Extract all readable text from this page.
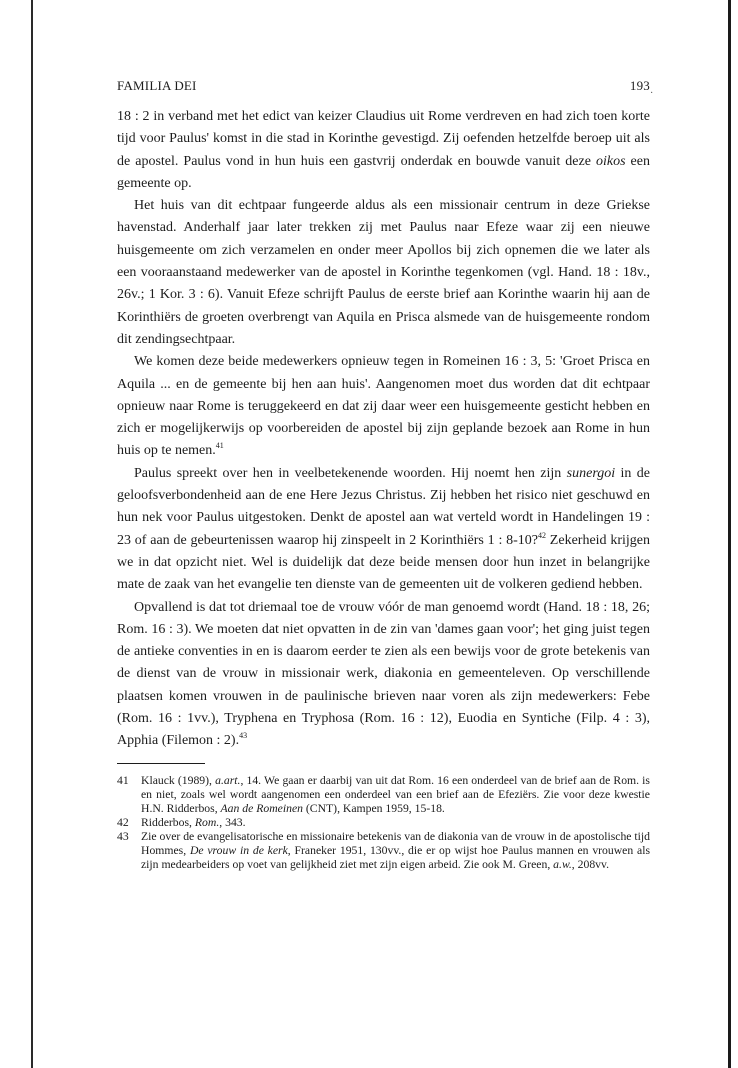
·
FAMILIA DEI	193

18 : 2 in verband met het edict van keizer Claudius uit Rome verdreven en had zich toen korte tijd voor Paulus' komst in die stad in Korinthe gevestigd. Zij oefenden hetzelfde beroep uit als de apostel. Paulus vond in hun huis een gastvrij onderdak en bouwde vanuit deze oikos een gemeente op.

Het huis van dit echtpaar fungeerde aldus als een missionair centrum in deze Griekse havenstad. Anderhalf jaar later trekken zij met Paulus naar Efeze waar zij een nieuwe huisgemeente om zich verzamelen en onder meer Apollos bij zich opnemen die we later als een vooraanstaand medewerker van de apostel in Korinthe tegenkomen (vgl. Hand. 18 : 18v., 26v.; 1 Kor. 3 : 6). Vanuit Efeze schrijft Paulus de eerste brief aan Korinthe waarin hij aan de Korinthiërs de groeten overbrengt van Aquila en Prisca alsmede van de huisgemeente rondom dit zendingsechtpaar.

We komen deze beide medewerkers opnieuw tegen in Romeinen 16 : 3, 5: 'Groet Prisca en Aquila ... en de gemeente bij hen aan huis'. Aangenomen moet dus worden dat dit echtpaar opnieuw naar Rome is teruggekeerd en dat zij daar weer een huisgemeente gesticht hebben en zich er mogelijkerwijs op voorbereiden de apostel bij zijn geplande bezoek aan Rome in hun huis op te nemen.$^{41}$

Paulus spreekt over hen in veelbetekenende woorden. Hij noemt hen zijn sunergoi in de geloofsverbondenheid aan de ene Here Jezus Christus. Zij hebben het risico niet geschuwd en hun nek voor Paulus uitgestoken. Denkt de apostel aan wat verteld wordt in Handelingen 19 : 23 of aan de gebeurtenissen waarop hij zinspeelt in 2 Korinthiërs 1 : 8-10?$^{42}$ Zekerheid krijgen we in dat opzicht niet. Wel is duidelijk dat deze beide mensen door hun inzet in belangrijke mate de zaak van het evangelie ten dienste van de gemeenten uit de volkeren gediend hebben.

Opvallend is dat tot driemaal toe de vrouw vóór de man genoemd wordt (Hand. 18 : 18, 26; Rom. 16 : 3). We moeten dat niet opvatten in de zin van 'dames gaan voor'; het ging juist tegen de antieke conventies in en is daarom eerder te zien als een bewijs voor de grote betekenis van de dienst van de vrouw in missionair werk, diakonia en gemeenteleven. Op verschillende plaatsen komen vrouwen in de paulinische brieven naar voren als zijn medewerkers: Febe (Rom. 16 : 1vv.), Tryphena en Tryphosa (Rom. 16 : 12), Euodia en Syntiche (Filp. 4 : 3), Apphia (Filemon : 2).$^{43}$

41	Klauck (1989), a.art., 14. We gaan er daarbij van uit dat Rom. 16 een onderdeel van de brief aan de Rom. is en niet, zoals wel wordt aangenomen een onderdeel van een brief aan de Efeziërs. Zie voor deze kwestie H.N. Ridderbos, Aan de Romeinen (CNT), Kampen 1959, 15-18.
42	Ridderbos, Rom., 343.
43	Zie over de evangelisatorische en missionaire betekenis van de diakonia van de vrouw in de apostolische tijd Hommes, De vrouw in de kerk, Franeker 1951, 130vv., die er op wijst hoe Paulus mannen en vrouwen als zijn medearbeiders op voet van gelijkheid ziet met zijn eigen arbeid. Zie ook M. Green, a.w., 208vv.
